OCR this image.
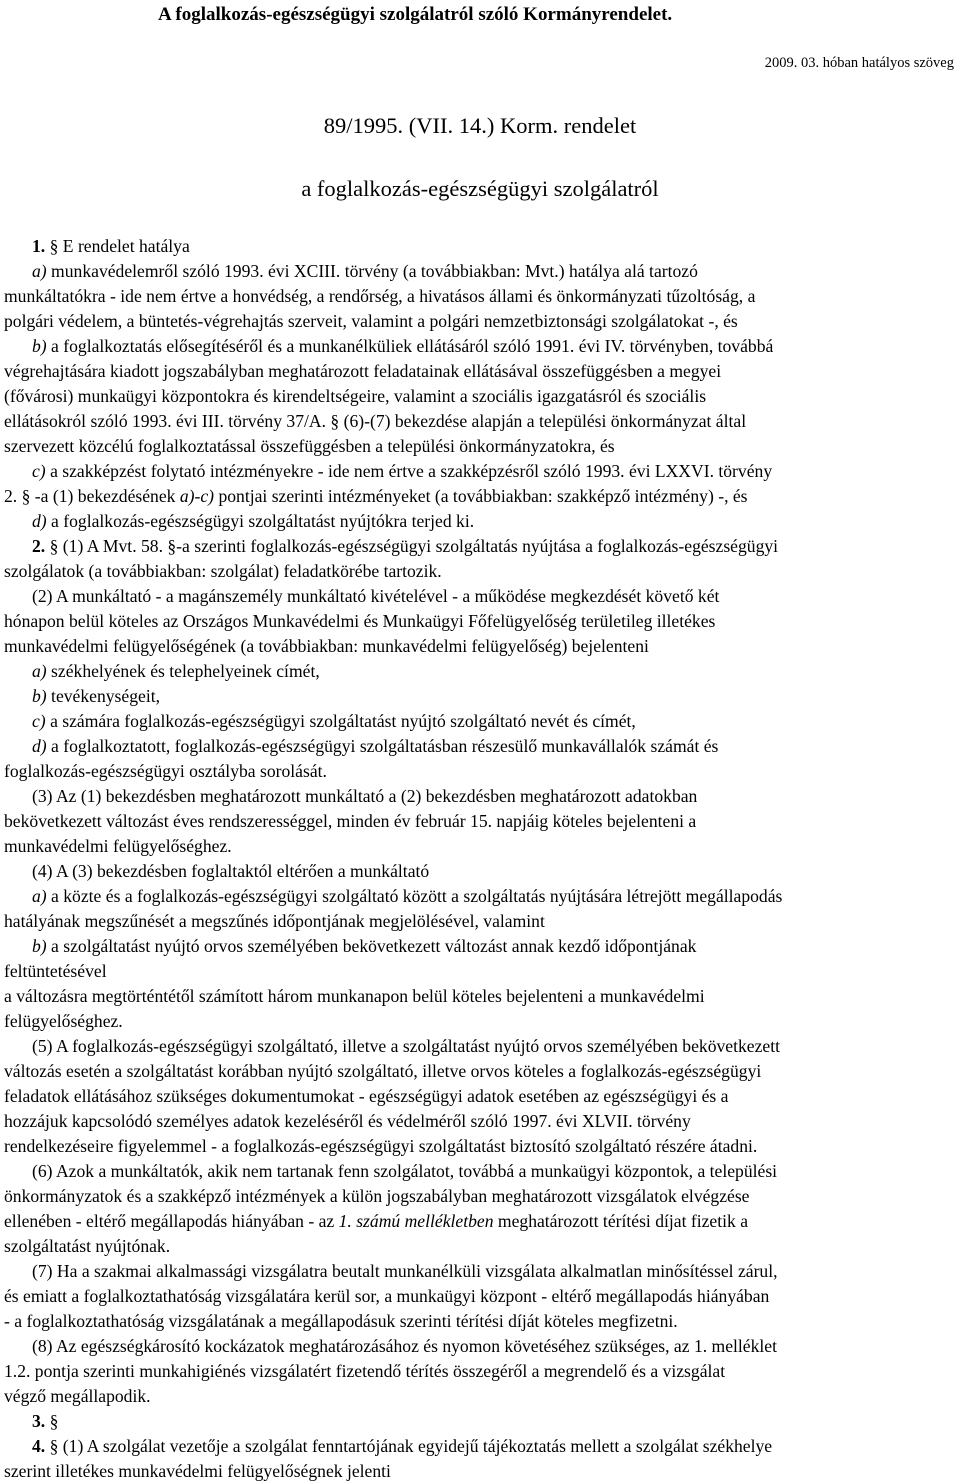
A foglalkozás-egészségügyi szolgálatról szóló Kormányrendelet.
2009. 03. hóban hatályos szöveg
89/1995. (VII. 14.) Korm. rendelet
a foglalkozás-egészségügyi szolgálatról
1. § E rendelet hatálya
a) munkavédelemről szóló 1993. évi XCIII. törvény (a továbbiakban: Mvt.) hatálya alá tartozó
munkáltatókra - ide nem értve a honvédség, a rendőrség, a hivatásos állami és önkormányzati tűzoltóság, a
polgári védelem, a büntetés-végrehajtás szerveit, valamint a polgári nemzetbiztonsági szolgálatokat -, és
b) a foglalkoztatás elősegítéséről és a munkanélküliek ellátásáról szóló 1991. évi IV. törvényben, továbbá
végrehajtására kiadott jogszabályban meghatározott feladatainak ellátásával összefüggésben a megyei
(fővárosi) munkaügyi központokra és kirendeltségeire, valamint a szociális igazgatásról és szociális
ellátásokról szóló 1993. évi III. törvény 37/A. § (6)-(7) bekezdése alapján a települési önkormányzat által
szervezett közcélú foglalkoztatással összefüggésben a települési önkormányzatokra, és
c) a szakképzést folytató intézményekre - ide nem értve a szakképzésről szóló 1993. évi LXXVI. törvény
2. § -a (1) bekezdésének a)-c) pontjai szerinti intézményeket (a továbbiakban: szakképző intézmény) -, és
d) a foglalkozás-egészségügyi szolgáltatást nyújtókra terjed ki.
2. § (1) A Mvt. 58. §-a szerinti foglalkozás-egészségügyi szolgáltatás nyújtása a foglalkozás-egészségügyi
szolgálatok (a továbbiakban: szolgálat) feladatkörébe tartozik.
(2) A munkáltató - a magánszemély munkáltató kivételével - a működése megkezdését követő két
hónapon belül köteles az Országos Munkavédelmi és Munkaügyi Főfelügyelőség területileg illetékes
munkavédelmi felügyelőségének (a továbbiakban: munkavédelmi felügyelőség) bejelenteni
a) székhelyének és telephelyeinek címét,
b) tevékenységeit,
c) a számára foglalkozás-egészségügyi szolgáltatást nyújtó szolgáltató nevét és címét,
d) a foglalkoztatott, foglalkozás-egészségügyi szolgáltatásban részesülő munkavállalók számát és
foglalkozás-egészségügyi osztályba sorolását.
(3) Az (1) bekezdésben meghatározott munkáltató a (2) bekezdésben meghatározott adatokban
bekövetkezett változást éves rendszerességgel, minden év február 15. napjáig köteles bejelenteni a
munkavédelmi felügyelőséghez.
(4) A (3) bekezdésben foglaltaktól eltérően a munkáltató
a) a közte és a foglalkozás-egészségügyi szolgáltató között a szolgáltatás nyújtására létrejött megállapodás
hatályának megszűnését a megszűnés időpontjának megjelölésével, valamint
b) a szolgáltatást nyújtó orvos személyében bekövetkezett változást annak kezdő időpontjának
feltüntetésével
a változásra megtörténtétől számított három munkanapon belül köteles bejelenteni a munkavédelmi
felügyelőséghez.
(5) A foglalkozás-egészségügyi szolgáltató, illetve a szolgáltatást nyújtó orvos személyében bekövetkezett
változás esetén a szolgáltatást korábban nyújtó szolgáltató, illetve orvos köteles a foglalkozás-egészségügyi
feladatok ellátásához szükséges dokumentumokat - egészségügyi adatok esetében az egészségügyi és a
hozzájuk kapcsolódó személyes adatok kezeléséről és védelméről szóló 1997. évi XLVII. törvény
rendelkezéseire figyelemmel - a foglalkozás-egészségügyi szolgáltatást biztosító szolgáltató részére átadni.
(6) Azok a munkáltatók, akik nem tartanak fenn szolgálatot, továbbá a munkaügyi központok, a települési
önkormányzatok és a szakképző intézmények a külön jogszabályban meghatározott vizsgálatok elvégzése
ellenében - eltérő megállapodás hiányában - az 1. számú mellékletben meghatározott térítési díjat fizetik a
szolgáltatást nyújtónak.
(7) Ha a szakmai alkalmassági vizsgálatra beutalt munkanélküli vizsgálata alkalmatlan minősítéssel zárul,
és emiatt a foglalkoztathatóság vizsgálatára kerül sor, a munkaügyi központ - eltérő megállapodás hiányában
- a foglalkoztathatóság vizsgálatának a megállapodásuk szerinti térítési díját köteles megfizetni.
(8) Az egészségkárosító kockázatok meghatározásához és nyomon követéséhez szükséges, az 1. melléklet
1.2. pontja szerinti munkahigiénés vizsgálatért fizetendő térítés összegéről a megrendelő és a vizsgálat
végző megállapodik.
3. §
4. § (1) A szolgálat vezetője a szolgálat fenntartójának egyidejű tájékoztatás mellett a szolgálat székhelye
szerint illetékes munkavédelmi felügyelőségnek jelenti
